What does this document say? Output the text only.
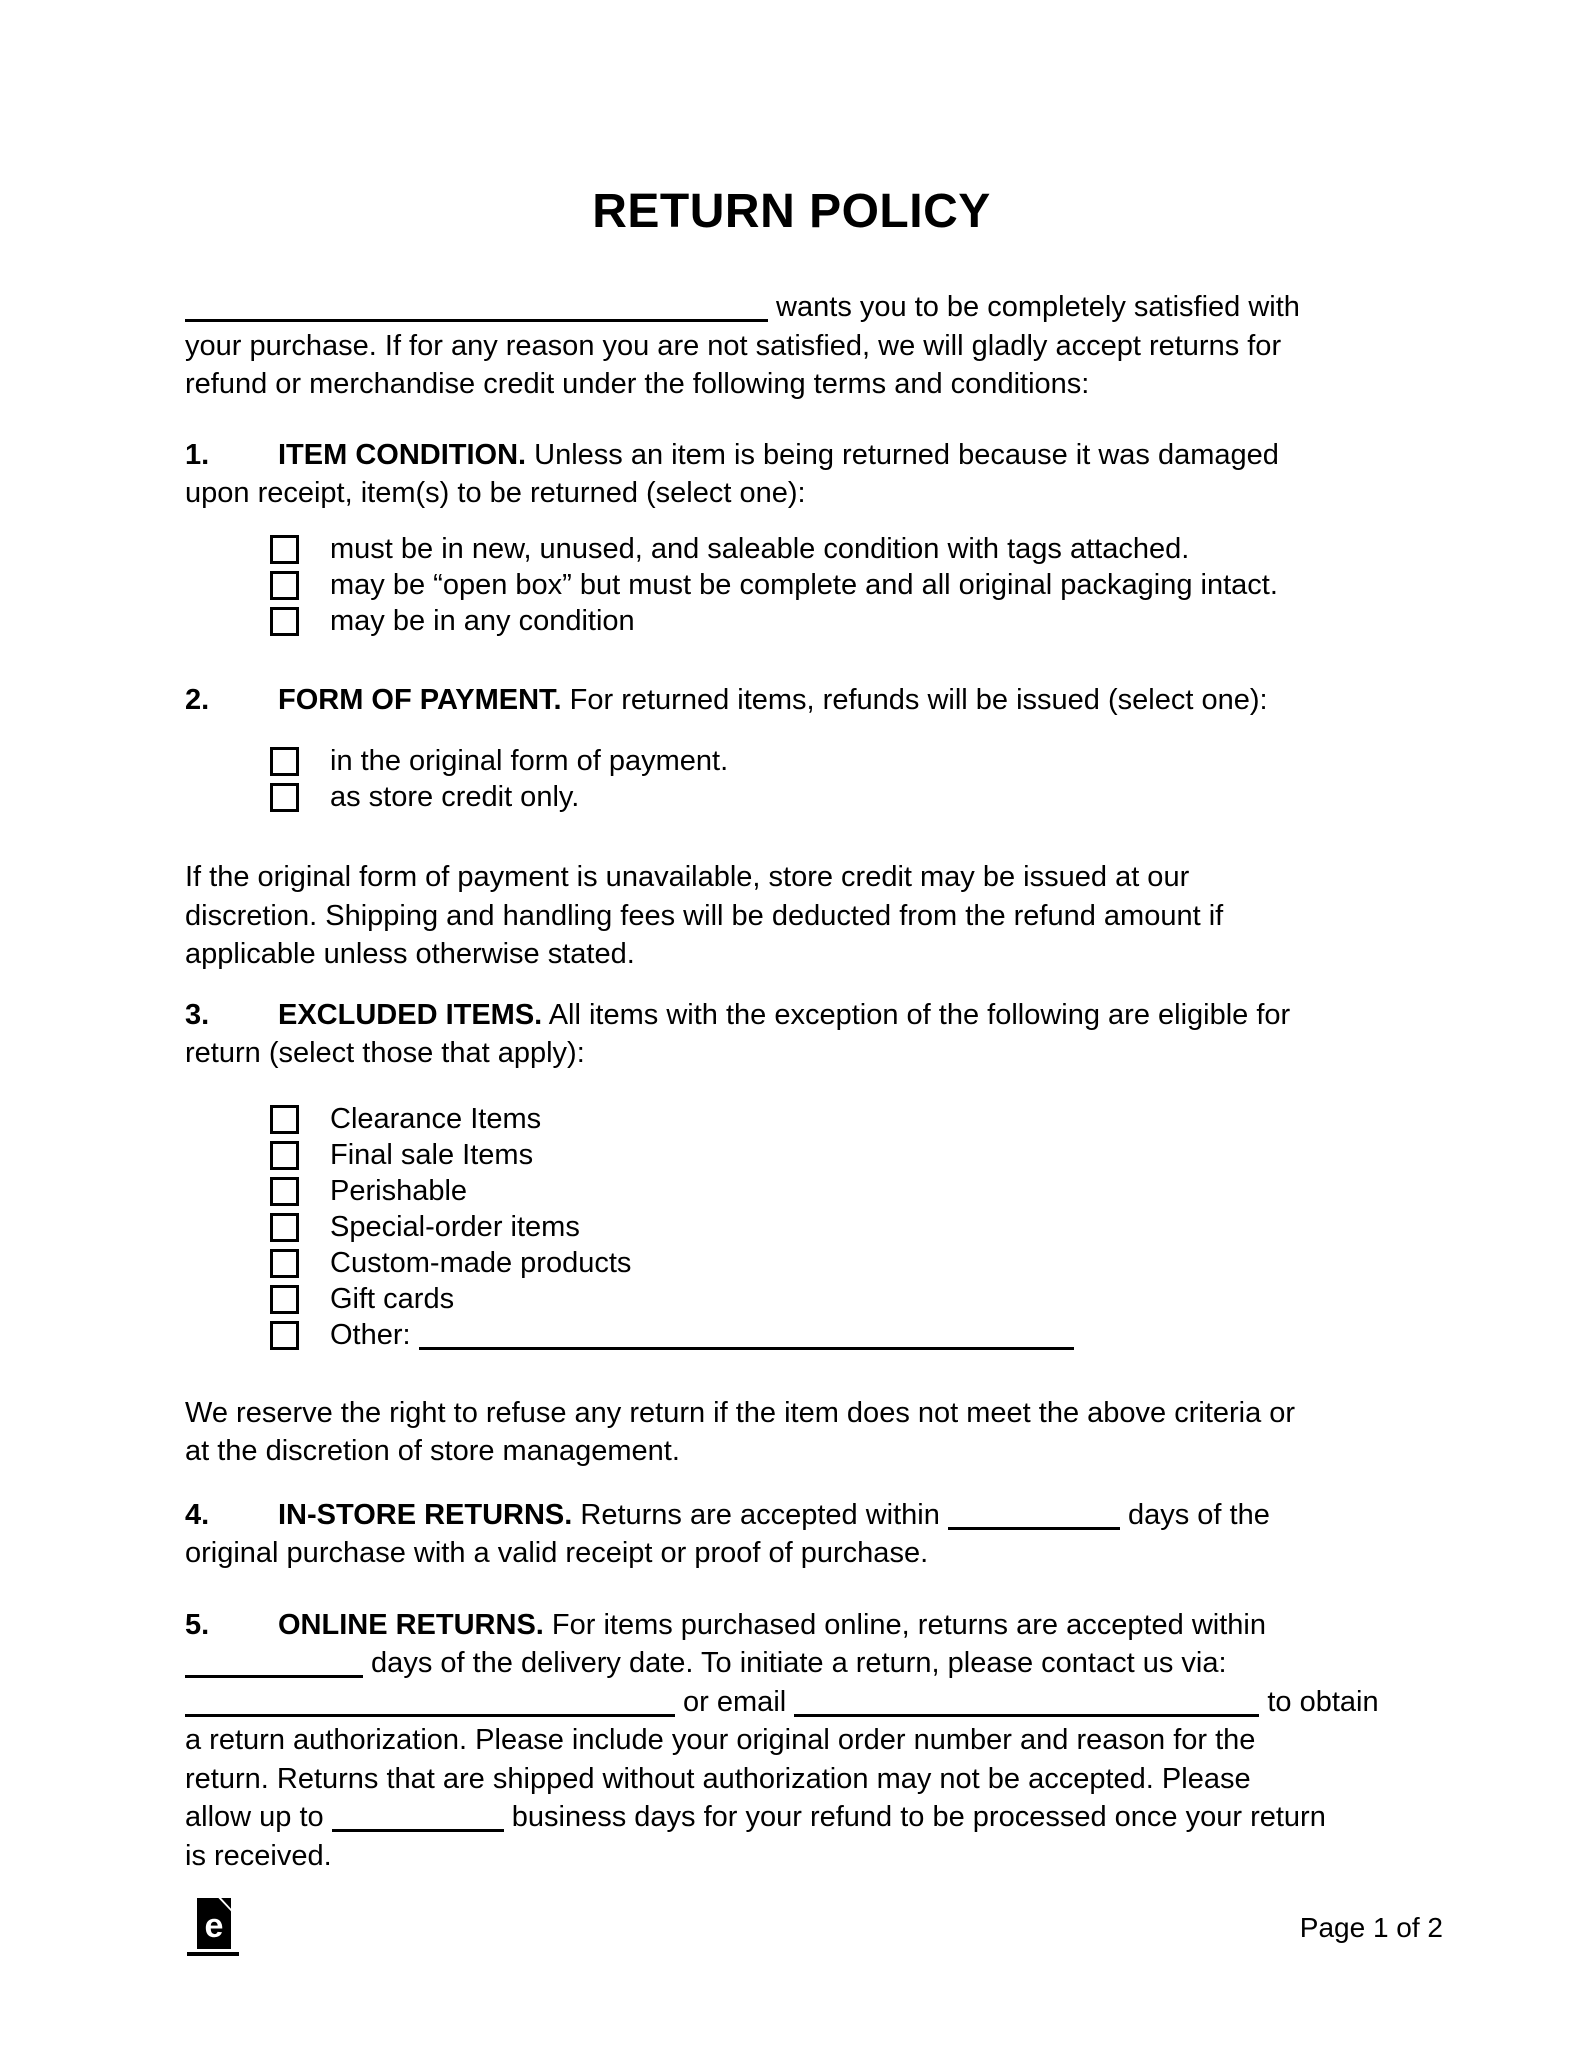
RETURN POLICY
wants you to be completely satisfied with
your purchase. If for any reason you are not satisfied, we will gladly accept returns for
refund or merchandise credit under the following terms and conditions:
1. ITEM CONDITION. Unless an item is being returned because it was damaged
upon receipt, item(s) to be returned (select one):
must be in new, unused, and saleable condition with tags attached.
may be “open box” but must be complete and all original packaging intact.
may be in any condition
2. FORM OF PAYMENT. For returned items, refunds will be issued (select one):
in the original form of payment.
as store credit only.
If the original form of payment is unavailable, store credit may be issued at our
discretion. Shipping and handling fees will be deducted from the refund amount if
applicable unless otherwise stated.
3. EXCLUDED ITEMS. All items with the exception of the following are eligible for
return (select those that apply):
Clearance Items
Final sale Items
Perishable
Special-order items
Custom-made products
Gift cards
Other:
We reserve the right to refuse any return if the item does not meet the above criteria or
at the discretion of store management.
4. IN-STORE RETURNS. Returns are accepted within	days of the
original purchase with a valid receipt or proof of purchase.
5. ONLINE RETURNS. For items purchased online, returns are accepted within
days of the delivery date. To initiate a return, please contact us via:
or email	to obtain
a return authorization. Please include your original order number and reason for the
return. Returns that are shipped without authorization may not be accepted. Please
allow up to	business days for your refund to be processed once your return
is received.
e	Page 1 of 2
